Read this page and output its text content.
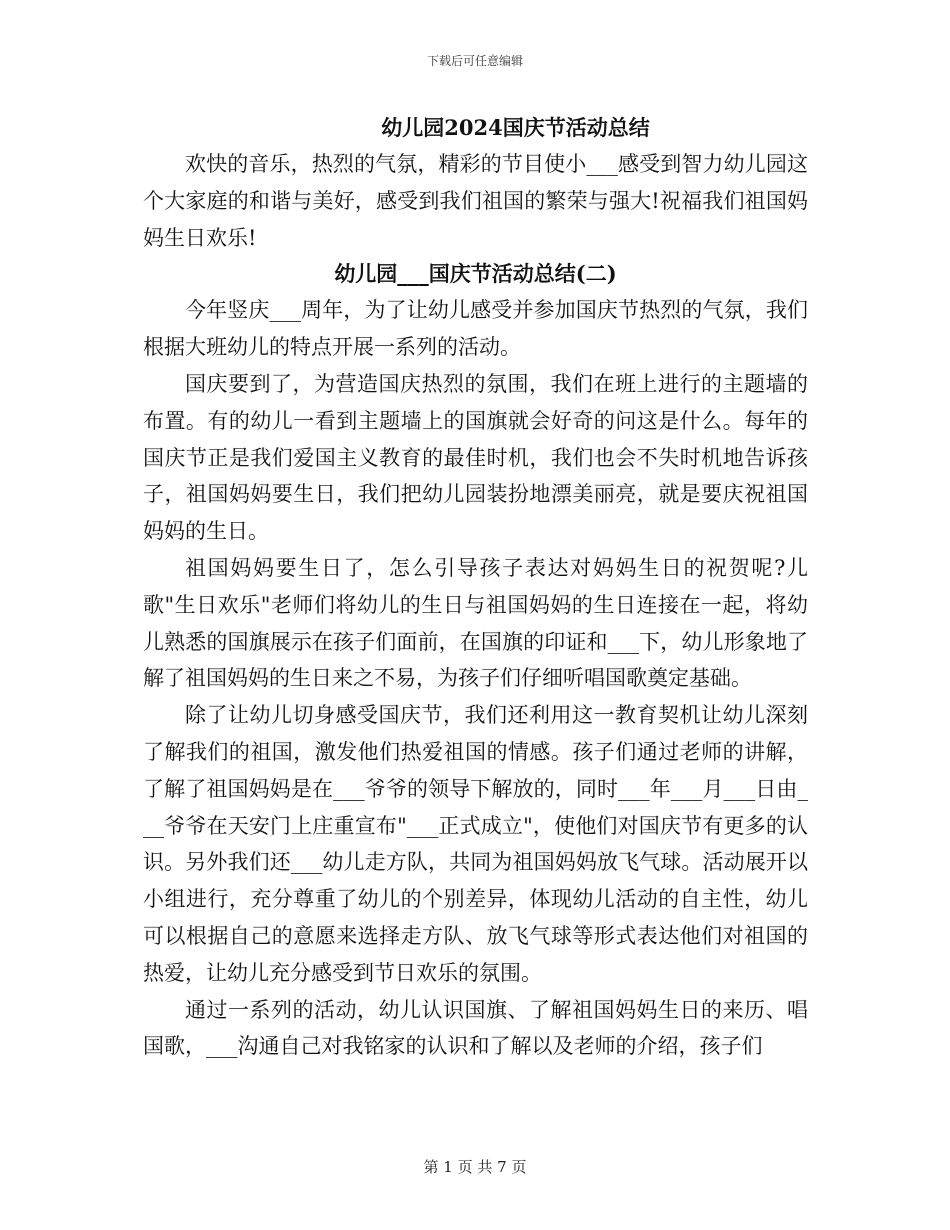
下载后可任意编辑

幼儿园2024国庆节活动总结

欢快的音乐，热烈的气氛，精彩的节目使小___感受到智力幼儿园这个大家庭的和谐与美好，感受到我们祖国的繁荣与强大!祝福我们祖国妈妈生日欢乐!

幼儿园___国庆节活动总结(二)

今年竖庆___周年，为了让幼儿感受并参加国庆节热烈的气氛，我们根据大班幼儿的特点开展一系列的活动。

国庆要到了，为营造国庆热烈的氛围，我们在班上进行的主题墙的布置。有的幼儿一看到主题墙上的国旗就会好奇的问这是什么。每年的国庆节正是我们爱国主义教育的最佳时机，我们也会不失时机地告诉孩子，祖国妈妈要生日，我们把幼儿园装扮地漂美丽亮，就是要庆祝祖国妈妈的生日。

祖国妈妈要生日了，怎么引导孩子表达对妈妈生日的祝贺呢?儿歌"生日欢乐"老师们将幼儿的生日与祖国妈妈的生日连接在一起，将幼儿熟悉的国旗展示在孩子们面前，在国旗的印证和___下，幼儿形象地了解了祖国妈妈的生日来之不易，为孩子们仔细听唱国歌奠定基础。

除了让幼儿切身感受国庆节，我们还利用这一教育契机让幼儿深刻了解我们的祖国，激发他们热爱祖国的情感。孩子们通过老师的讲解，了解了祖国妈妈是在___爷爷的领导下解放的，同时___年___月___日由___爷爷在天安门上庄重宣布"___正式成立"，使他们对国庆节有更多的认识。另外我们还___幼儿走方队，共同为祖国妈妈放飞气球。活动展开以小组进行，充分尊重了幼儿的个别差异，体现幼儿活动的自主性，幼儿可以根据自己的意愿来选择走方队、放飞气球等形式表达他们对祖国的热爱，让幼儿充分感受到节日欢乐的氛围。

通过一系列的活动，幼儿认识国旗、了解祖国妈妈生日的来历、唱国歌，___沟通自己对我铭家的认识和了解以及老师的介绍，孩子们

第 1 页 共 7 页
